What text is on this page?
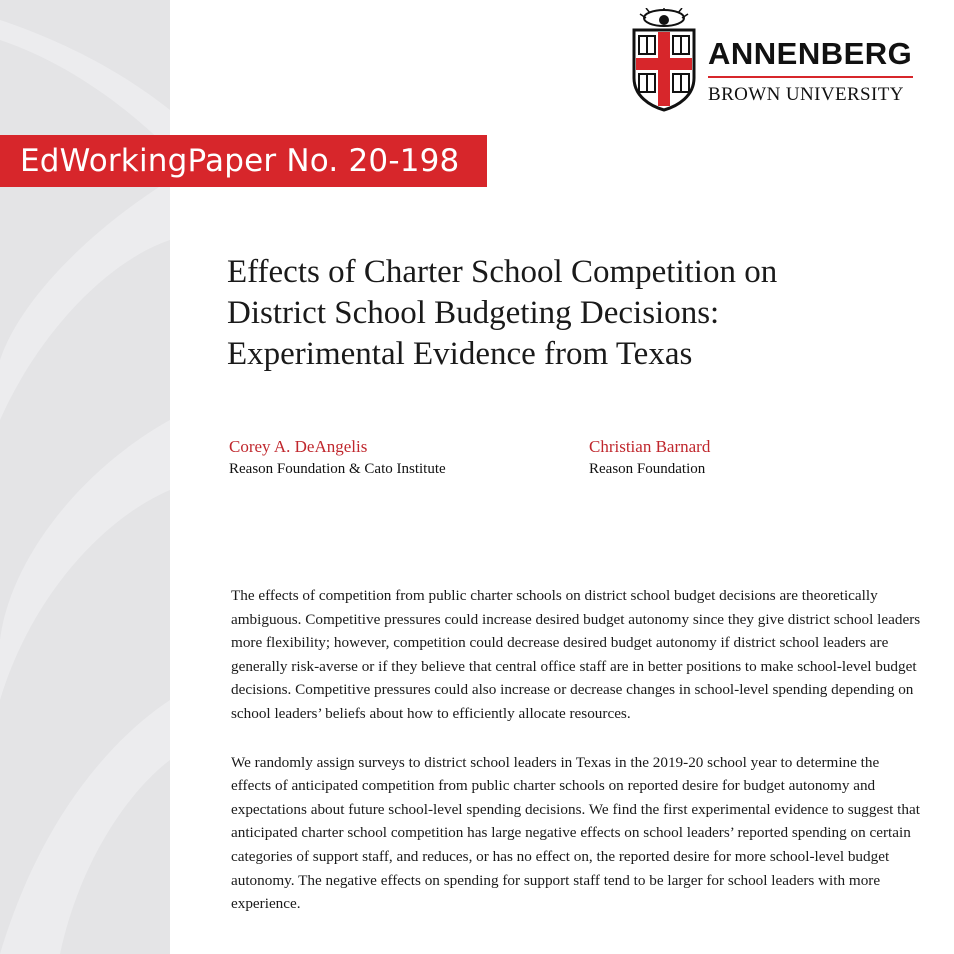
EdWorkingPaper No. 20-198
ANNENBERG
BROWN UNIVERSITY
Effects of Charter School Competition on
District School Budgeting Decisions:
Experimental Evidence from Texas
Corey A. DeAngelis
Reason Foundation & Cato Institute
Christian Barnard
Reason Foundation

The effects of competition from public charter schools on district school budget decisions are theoretically ambiguous. Competitive pressures could increase desired budget autonomy since they give district school leaders more flexibility; however, competition could decrease desired budget autonomy if district school leaders are generally risk-averse or if they believe that central office staff are in better positions to make school-level budget decisions. Competitive pressures could also increase or decrease changes in school-level spending depending on school leaders’ beliefs about how to efficiently allocate resources.

We randomly assign surveys to district school leaders in Texas in the 2019-20 school year to determine the effects of anticipated competition from public charter schools on reported desire for budget autonomy and expectations about future school-level spending decisions. We find the first experimental evidence to suggest that anticipated charter school competition has large negative effects on school leaders’ reported spending on certain categories of support staff, and reduces, or has no effect on, the reported desire for more school-level budget autonomy. The negative effects on spending for support staff tend to be larger for school leaders with more experience.
